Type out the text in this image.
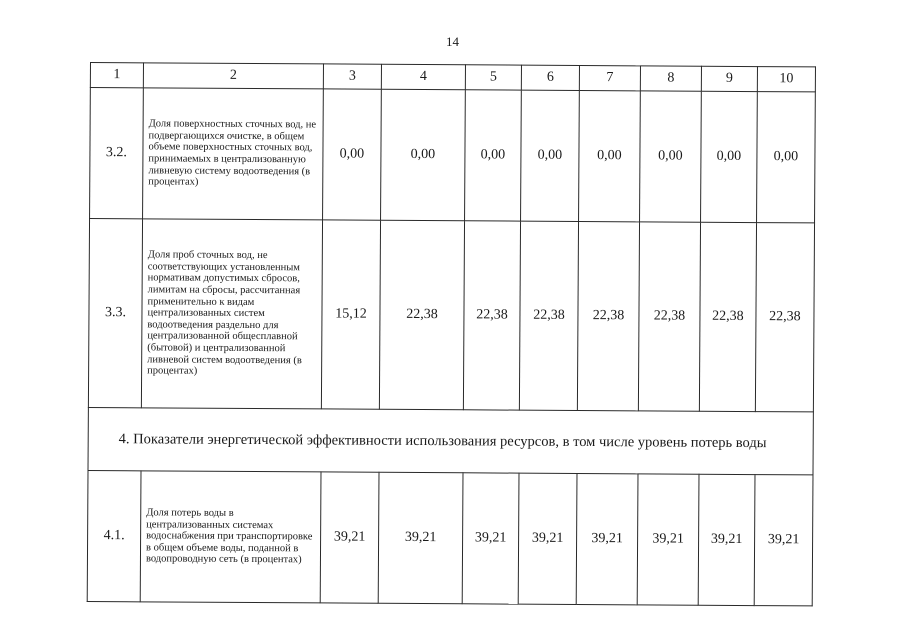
14
1	2	3	4	5	6	7	8	9	10
3.2.	Доля поверхностных сточных вод, не подвергающихся очистке, в общем объеме поверхностных сточных вод, принимаемых в централизованную ливневую систему водоотведения (в процентах)	0,00	0,00	0,00	0,00	0,00	0,00	0,00	0,00
3.3.	Доля проб сточных вод, не соответствующих установленным нормативам допустимых сбросов, лимитам на сбросы, рассчитанная применительно к видам централизованных систем водоотведения раздельно для централизованной общесплавной (бытовой) и централизованной ливневой систем водоотведения (в процентах)	15,12	22,38	22,38	22,38	22,38	22,38	22,38	22,38
4. Показатели энергетической эффективности использования ресурсов, в том числе уровень потерь воды									
4.1.	Доля потерь воды в централизованных системах водоснабжения при транспортировке в общем объеме воды, поданной в водопроводную сеть (в процентах)	39,21	39,21	39,21	39,21	39,21	39,21	39,21	39,21
